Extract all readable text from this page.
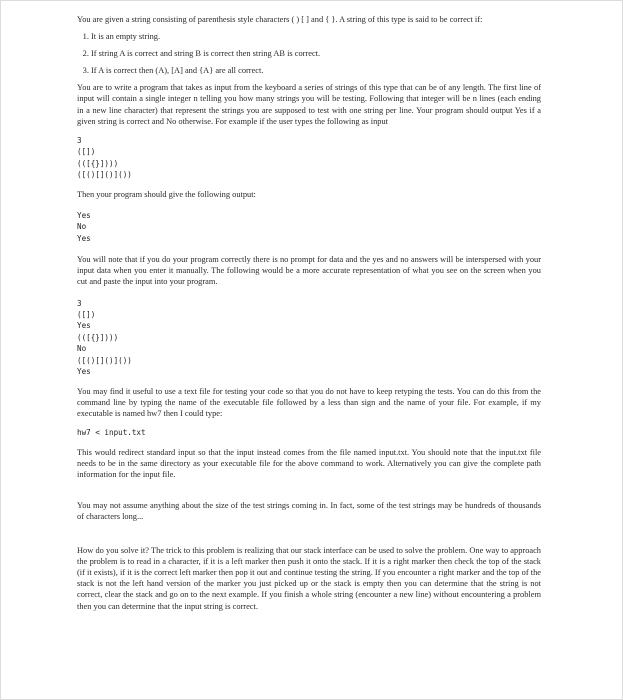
You are given a string consisting of parenthesis style characters ( ) [ ] and { }. A string of this type is said to be correct if:

1. It is an empty string.
2. If string A is correct and string B is correct then string AB is correct.
3. If A is correct then (A), [A] and {A} are all correct.

You are to write a program that takes as input from the keyboard a series of strings of this type that can be of any length. The first line of input will contain a single integer n telling you how many strings you will be testing. Following that integer will be n lines (each ending in a new line character) that represent the strings you are supposed to test with one string per line. Your program should output Yes if a given string is correct and No otherwise. For example if the user types the following as input

3
([])
(([{}])))
([()[]()]())

Then your program should give the following output:

Yes
No
Yes

You will note that if you do your program correctly there is no prompt for data and the yes and no answers will be interspersed with your input data when you enter it manually. The following would be a more accurate representation of what you see on the screen when you cut and paste the input into your program.

3
([])
Yes
(([{}])))
No
([()[]()]())
Yes

You may find it useful to use a text file for testing your code so that you do not have to keep retyping the tests. You can do this from the command line by typing the name of the executable file followed by a less than sign and the name of your file. For example, if my executable is named hw7 then I could type:

hw7 < input.txt

This would redirect standard input so that the input instead comes from the file named input.txt. You should note that the input.txt file needs to be in the same directory as your executable file for the above command to work. Alternatively you can give the complete path information for the input file.

You may not assume anything about the size of the test strings coming in. In fact, some of the test strings may be hundreds of thousands of characters long...

How do you solve it? The trick to this problem is realizing that our stack interface can be used to solve the problem. One way to approach the problem is to read in a character, if it is a left marker then push it onto the stack. If it is a right marker then check the top of the stack (if it exists), if it is the correct left marker then pop it out and continue testing the string. If you encounter a right marker and the top of the stack is not the left hand version of the marker you just picked up or the stack is empty then you can determine that the string is not correct, clear the stack and go on to the next example. If you finish a whole string (encounter a new line) without encountering a problem then you can determine that the input string is correct.
